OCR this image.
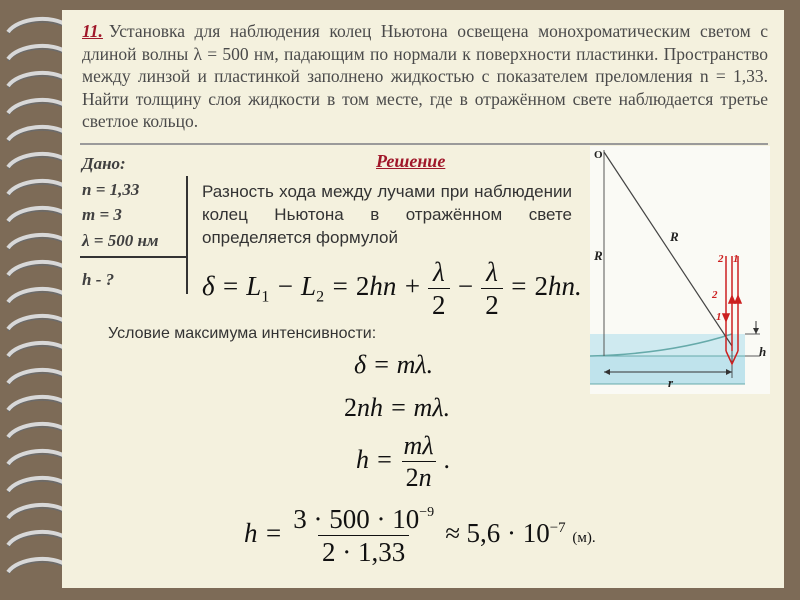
11. Установка для наблюдения колец Ньютона освещена монохроматическим светом с длиной волны λ = 500 нм, падающим по нормали к поверхности пластинки. Пространство между линзой и пластинкой заполнено жидкостью с показателем преломления n = 1,33. Найти толщину слоя жидкости в том месте, где в отражённом свете наблюдается третье светлое кольцо.
Дано:
n = 1,33
m = 3
λ = 500 нм
h - ?
Решение
Разность хода между лучами при наблюдении колец Ньютона в отражённом свете определяется формулой
$\delta = L_1 - L_2 = 2hn + \frac{\lambda}{2} - \frac{\lambda}{2} = 2hn$.
Условие максимума интенсивности:
δ = mλ.
2nh = mλ.
$h = \frac{m\lambda}{2n}$ .
$h = \frac{3 \cdot 500 \cdot 10^{-9}}{2 \cdot 1,33} \approx 5,6 \cdot 10^{-7}$ (м).
O
R
R
2 1
2
1
h
r
